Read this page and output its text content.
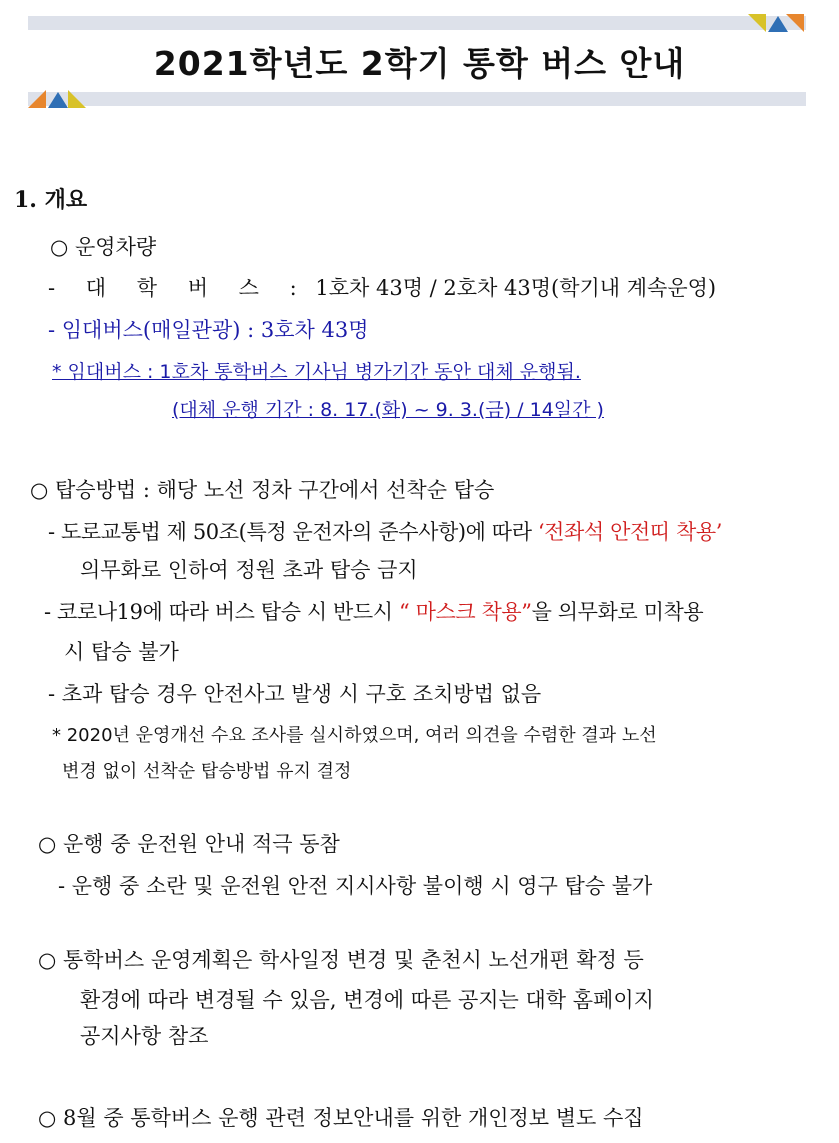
2021학년도 2학기 통학 버스 안내
1. 개요
○ 운영차량
- 대 학 버 스 : 1호차 43명 / 2호차 43명(학기내 계속운영)
- 임대버스(매일관광) : 3호차 43명
* 임대버스 : 1호차 통학버스 기사님 병가기간 동안 대체 운행됨.
(대체 운행 기간 : 8. 17.(화) ~ 9. 3.(금) / 14일간 )
○ 탑승방법 : 해당 노선 정차 구간에서 선착순 탑승
- 도로교통법 제 50조(특정 운전자의 준수사항)에 따라 ‘전좌석 안전띠 착용’
의무화로 인하여 정원 초과 탑승 금지
- 코로나19에 따라 버스 탑승 시 반드시 “ 마스크 착용”을 의무화로 미착용
시 탑승 불가
- 초과 탑승 경우 안전사고 발생 시 구호 조치방법 없음
* 2020년 운영개선 수요 조사를 실시하였으며, 여러 의견을 수렴한 결과 노선
변경 없이 선착순 탑승방법 유지 결정
○ 운행 중 운전원 안내 적극 동참
- 운행 중 소란 및 운전원 안전 지시사항 불이행 시 영구 탑승 불가
○ 통학버스 운영계획은 학사일정 변경 및 춘천시 노선개편 확정 등
환경에 따라 변경될 수 있음, 변경에 따른 공지는 대학 홈페이지
공지사항 참조
○ 8월 중 통학버스 운행 관련 정보안내를 위한 개인정보 별도 수집
